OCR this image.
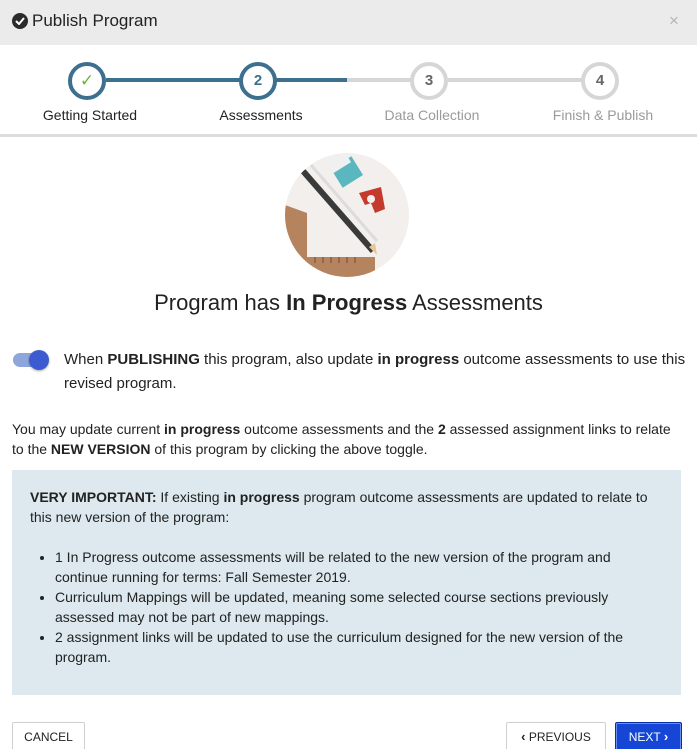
Publish Program	×
✓
Getting Started
2
Assessments
3
Data Collection
4
Finish & Publish
Program has In Progress Assessments
When PUBLISHING this program, also update in progress outcome assessments to use this revised program.
You may update current in progress outcome assessments and the 2 assessed assignment links to relate to the NEW VERSION of this program by clicking the above toggle.
VERY IMPORTANT: If existing in progress program outcome assessments are updated to relate to this new version of the program:
• 1 In Progress outcome assessments will be related to the new version of the program and continue running for terms: Fall Semester 2019.
• Curriculum Mappings will be updated, meaning some selected course sections previously assessed may not be part of new mappings.
• 2 assignment links will be updated to use the curriculum designed for the new version of the program.
CANCEL	‹ PREVIOUS	NEXT ›
